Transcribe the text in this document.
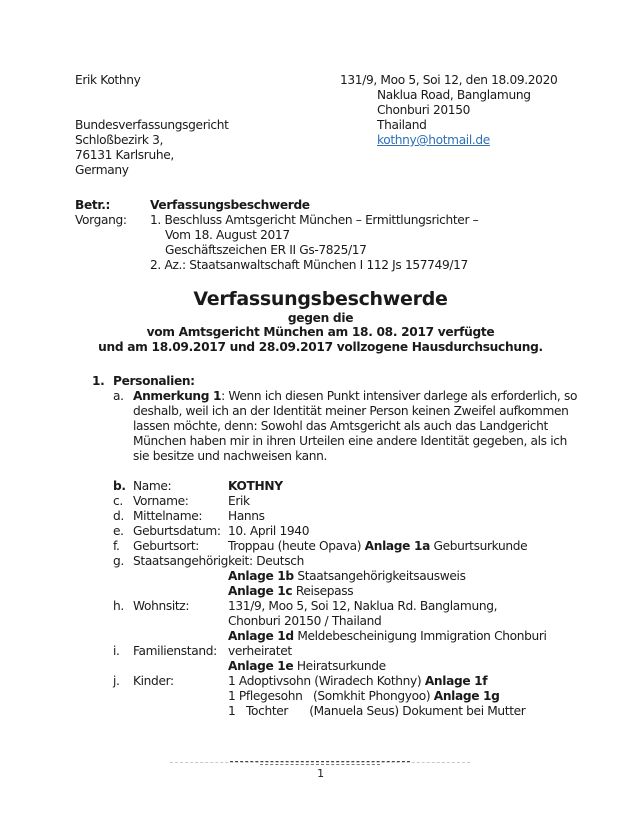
Erik Kothny	131/9, Moo 5, Soi 12, den 18.09.2020
Naklua Road, Banglamung
Chonburi 20150
Thailand
kothny@hotmail.de
Bundesverfassungsgericht
Schloßbezirk 3,
76131 Karlsruhe,
Germany
Betr.:	Verfassungsbeschwerde
Vorgang: 1. Beschluss Amtsgericht München – Ermittlungsrichter –
Vom 18. August 2017
Geschäftszeichen ER II Gs-7825/17
2. Az.: Staatsanwaltschaft München I 112 Js 157749/17
Verfassungsbeschwerde
gegen die
vom Amtsgericht München am 18. 08. 2017 verfügte
und am 18.09.2017 und 28.09.2017 vollzogene Hausdurchsuchung.
1. Personalien:
a. Anmerkung 1: Wenn ich diesen Punkt intensiver darlege als erforderlich, so
deshalb, weil ich an der Identität meiner Person keinen Zweifel aufkommen
lassen möchte, denn: Sowohl das Amtsgericht als auch das Landgericht
München haben mir in ihren Urteilen eine andere Identität gegeben, als ich
sie besitze und nachweisen kann.
b. Name:	KOTHNY
c. Vorname:	Erik
d. Mittelname: Hanns
e. Geburtsdatum: 10. April 1940
f. Geburtsort: Troppau (heute Opava) Anlage 1a Geburtsurkunde
g. Staatsangehörigkeit: Deutsch
Anlage 1b Staatsangehörigkeitsausweis
Anlage 1c Reisepass
h. Wohnsitz:	131/9, Moo 5, Soi 12, Naklua Rd. Banglamung,
Chonburi 20150 / Thailand
Anlage 1d Meldebescheinigung Immigration Chonburi
i. Familienstand: verheiratet
Anlage 1e Heiratsurkunde
j. Kinder:	1 Adoptivsohn (Wiradech Kothny) Anlage 1f
1 Pflegesohn   (Somkhit Phongyoo) Anlage 1g
1   Tochter      (Manuela Seus) Dokument bei Mutter
1
